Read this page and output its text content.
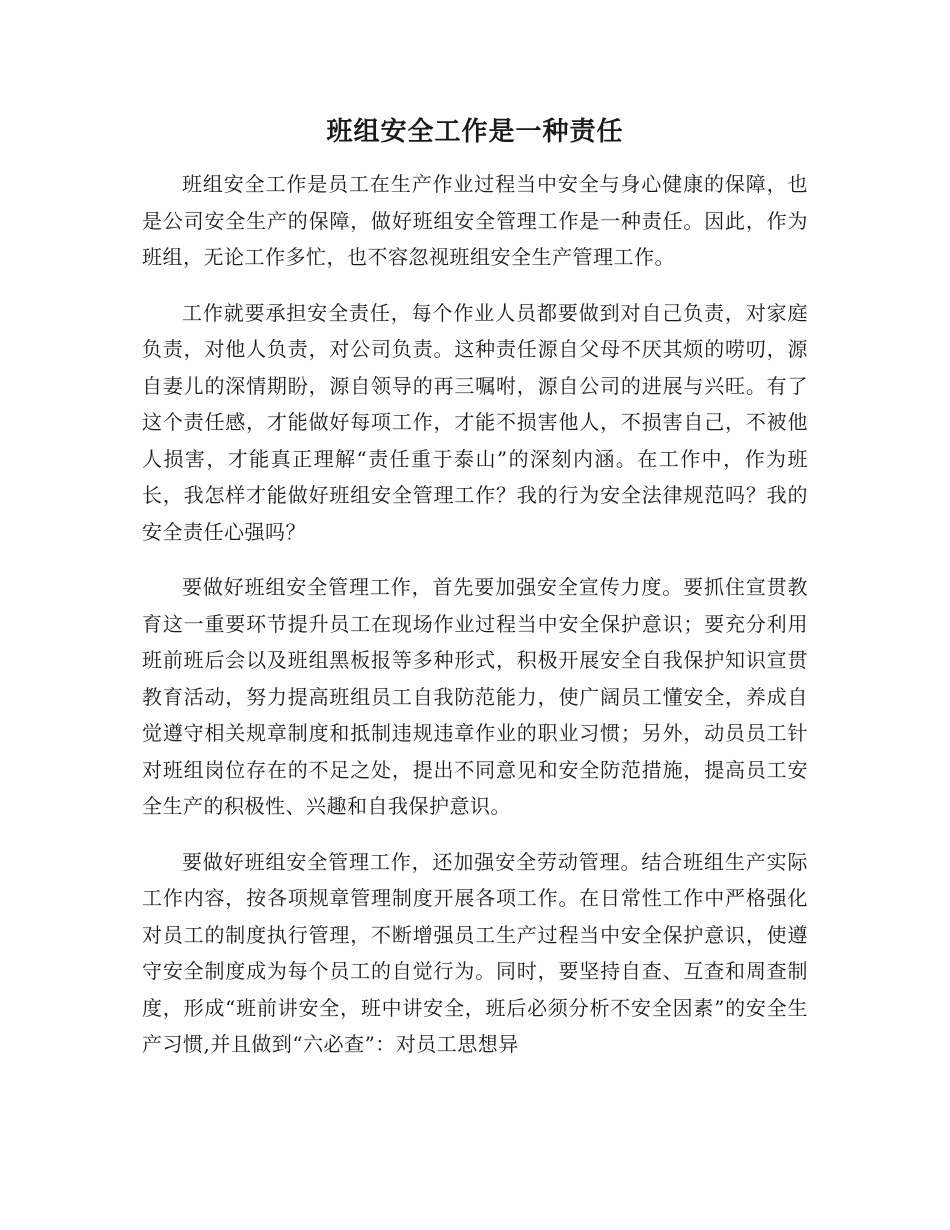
班组安全工作是一种责任

班组安全工作是员工在生产作业过程当中安全与身心健康的保障，也是公司安全生产的保障，做好班组安全管理工作是一种责任。因此，作为班组，无论工作多忙，也不容忽视班组安全生产管理工作。

工作就要承担安全责任，每个作业人员都要做到对自己负责，对家庭负责，对他人负责，对公司负责。这种责任源自父母不厌其烦的唠叨，源自妻儿的深情期盼，源自领导的再三嘱咐，源自公司的进展与兴旺。有了这个责任感，才能做好每项工作，才能不损害他人，不损害自己，不被他人损害，才能真正理解“责任重于泰山”的深刻内涵。在工作中，作为班长，我怎样才能做好班组安全管理工作？我的行为安全法律规范吗？我的安全责任心强吗？

要做好班组安全管理工作，首先要加强安全宣传力度。要抓住宣贯教育这一重要环节提升员工在现场作业过程当中安全保护意识；要充分利用班前班后会以及班组黑板报等多种形式，积极开展安全自我保护知识宣贯教育活动，努力提高班组员工自我防范能力，使广阔员工懂安全，养成自觉遵守相关规章制度和抵制违规违章作业的职业习惯；另外，动员员工针对班组岗位存在的不足之处，提出不同意见和安全防范措施，提高员工安全生产的积极性、兴趣和自我保护意识。

要做好班组安全管理工作，还加强安全劳动管理。结合班组生产实际工作内容，按各项规章管理制度开展各项工作。在日常性工作中严格强化对员工的制度执行管理，不断增强员工生产过程当中安全保护意识，使遵守安全制度成为每个员工的自觉行为。同时，要坚持自查、互查和周查制度，形成“班前讲安全，班中讲安全，班后必须分析不安全因素”的安全生产习惯,并且做到“六必查”：对员工思想异
